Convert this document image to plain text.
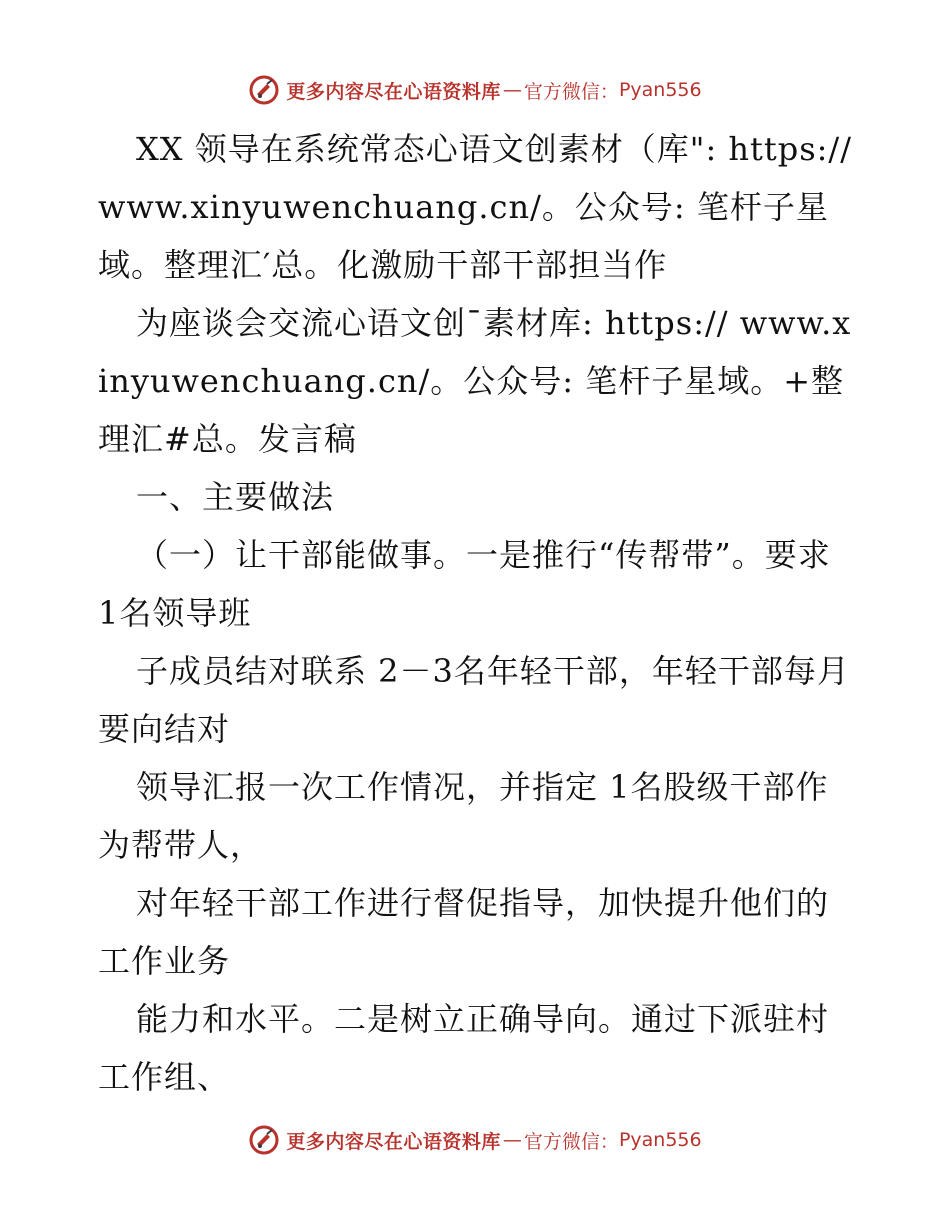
更多内容尽在心语资料库 — 官方微信： Pyan556

XX 领导在系统常态心语文创素材（库": https://www.xinyuwenchuang.cn/。公众号: 笔杆子星域。整理汇′总。化激励干部干部担当作

为座谈会交流心语文创¯素材库: https:// www.xinyuwenchuang.cn/。公众号: 笔杆子星域。+整理汇#总。发言稿

一、主要做法

（一）让干部能做事。一是推行“传帮带”。要求 1名领导班

子成员结对联系 2－3名年轻干部，年轻干部每月要向结对

领导汇报一次工作情况，并指定 1名股级干部作为帮带人，

对年轻干部工作进行督促指导，加快提升他们的工作业务

能力和水平。二是树立正确导向。通过下派驻村工作组、

更多内容尽在心语资料库 — 官方微信： Pyan556
